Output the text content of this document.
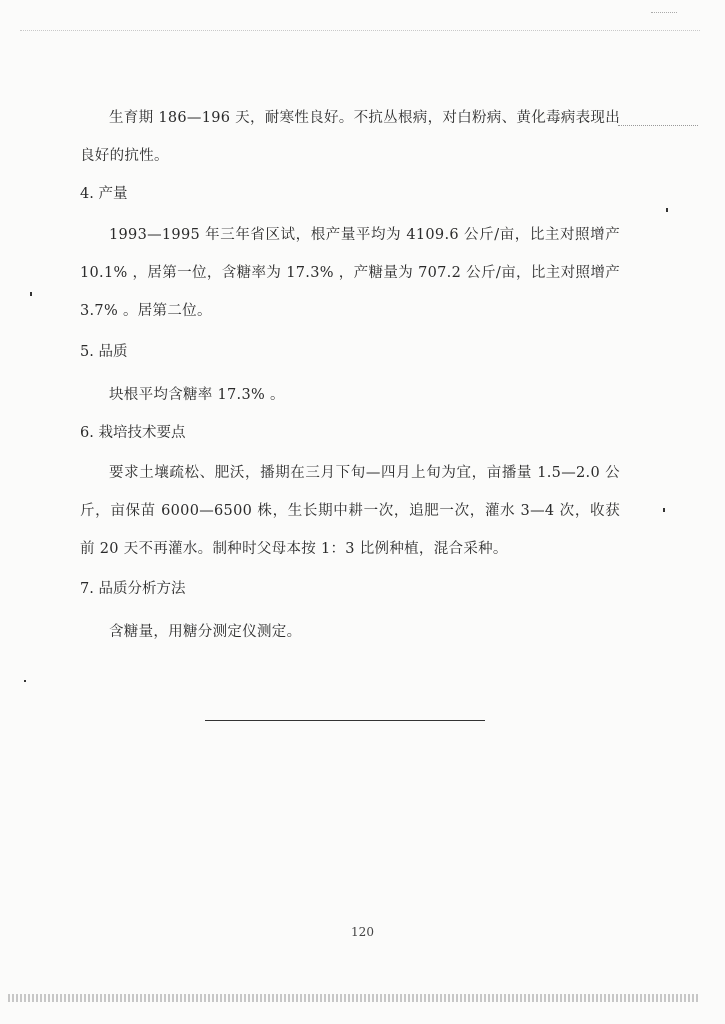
生育期 186—196 天，耐寒性良好。不抗丛根病，对白粉病、黄化毒病表现出良好的抗性。

4. 产量

1993—1995 年三年省区试，根产量平均为 4109.6 公斤/亩，比主对照增产 10.1% ，居第一位，含糖率为 17.3% ，产糖量为 707.2 公斤/亩，比主对照增产 3.7% 。居第二位。

5. 品质

块根平均含糖率 17.3% 。

6. 栽培技术要点

要求土壤疏松、肥沃，播期在三月下旬—四月上旬为宜，亩播量 1.5—2.0 公斤，亩保苗 6000—6500 株，生长期中耕一次，追肥一次，灌水 3—4 次，收获前 20 天不再灌水。制种时父母本按 1：3 比例种植，混合采种。

7. 品质分析方法

含糖量，用糖分测定仪测定。

120
